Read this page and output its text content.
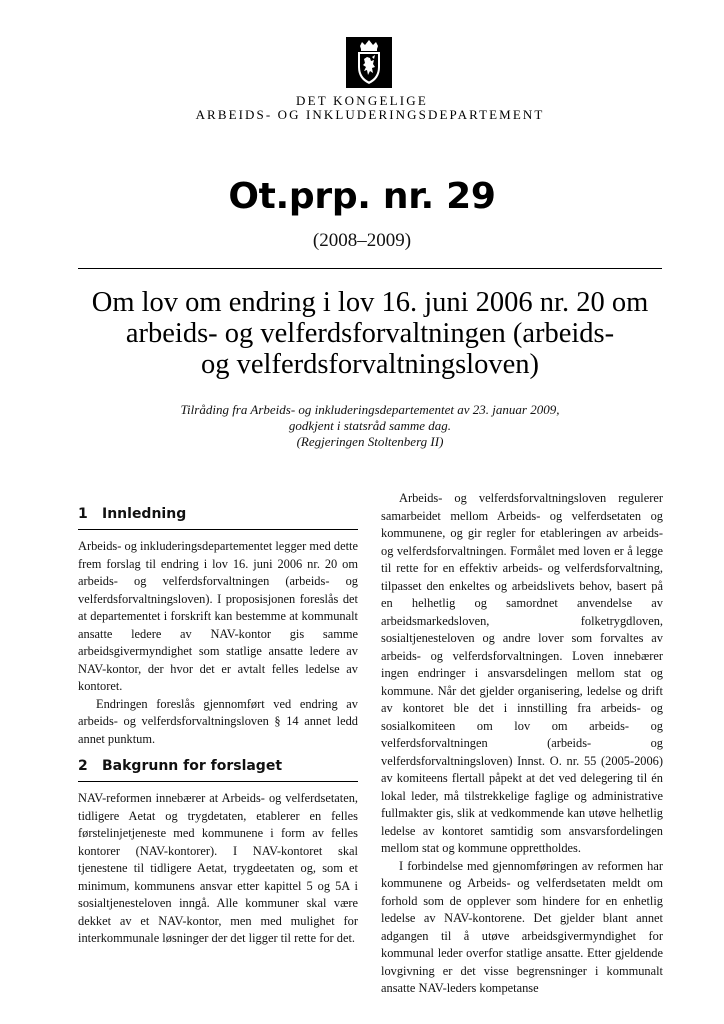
DET KONGELIGE
ARBEIDS- OG INKLUDERINGSDEPARTEMENT
Ot.prp. nr. 29
(2008–2009)
Om lov om endring i lov 16. juni 2006 nr. 20 om
arbeids- og velferdsforvaltningen (arbeids-
og velferdsforvaltningsloven)
Tilråding fra Arbeids- og inkluderingsdepartementet av 23. januar 2009,
godkjent i statsråd samme dag.
(Regjeringen Stoltenberg II)
1 Innledning

Arbeids- og inkluderingsdepartementet legger med dette frem forslag til endring i lov 16. juni 2006 nr. 20 om arbeids- og velferdsforvaltningen (arbeids- og velferdsforvaltningsloven). I proposisjonen foreslås det at departementet i forskrift kan bestemme at kommunalt ansatte ledere av NAV-kontor gis samme arbeidsgivermyndighet som statlige ansatte ledere av NAV-kontor, der hvor det er avtalt felles ledelse av kontoret.

Endringen foreslås gjennomført ved endring av arbeids- og velferdsforvaltningsloven § 14 annet ledd annet punktum.

2 Bakgrunn for forslaget

NAV-reformen innebærer at Arbeids- og velferdsetaten, tidligere Aetat og trygdetaten, etablerer en felles førstelinjetjeneste med kommunene i form av felles kontorer (NAV-kontorer). I NAV-kontoret skal tjenestene til tidligere Aetat, trygdeetaten og, som et minimum, kommunens ansvar etter kapittel 5 og 5A i sosialtjenesteloven inngå. Alle kommuner skal være dekket av et NAV-kontor, men med mulighet for interkommunale løsninger der det ligger til rette for det.

Arbeids- og velferdsforvaltningsloven regulerer samarbeidet mellom Arbeids- og velferdsetaten og kommunene, og gir regler for etableringen av arbeids- og velferdsforvaltningen. Formålet med loven er å legge til rette for en effektiv arbeids- og velferdsforvaltning, tilpasset den enkeltes og arbeidslivets behov, basert på en helhetlig og samordnet anvendelse av arbeidsmarkedsloven, folketrygdloven, sosialtjenesteloven og andre lover som forvaltes av arbeids- og velferdsforvaltningen. Loven innebærer ingen endringer i ansvarsdelingen mellom stat og kommune. Når det gjelder organisering, ledelse og drift av kontoret ble det i innstilling fra arbeids- og sosialkomiteen om lov om arbeids- og velferdsforvaltningen (arbeids- og velferdsforvaltningsloven) Innst. O. nr. 55 (2005-2006) av komiteens flertall påpekt at det ved delegering til én lokal leder, må tilstrekkelige faglige og administrative fullmakter gis, slik at vedkommende kan utøve helhetlig ledelse av kontoret samtidig som ansvarsfordelingen mellom stat og kommune opprettholdes.

I forbindelse med gjennomføringen av reformen har kommunene og Arbeids- og velferdsetaten meldt om forhold som de opplever som hindere for en enhetlig ledelse av NAV-kontorene. Det gjelder blant annet adgangen til å utøve arbeidsgivermyndighet for kommunal leder overfor statlige ansatte. Etter gjeldende lovgivning er det visse begrensninger i kommunalt ansatte NAV-leders kompetanse
